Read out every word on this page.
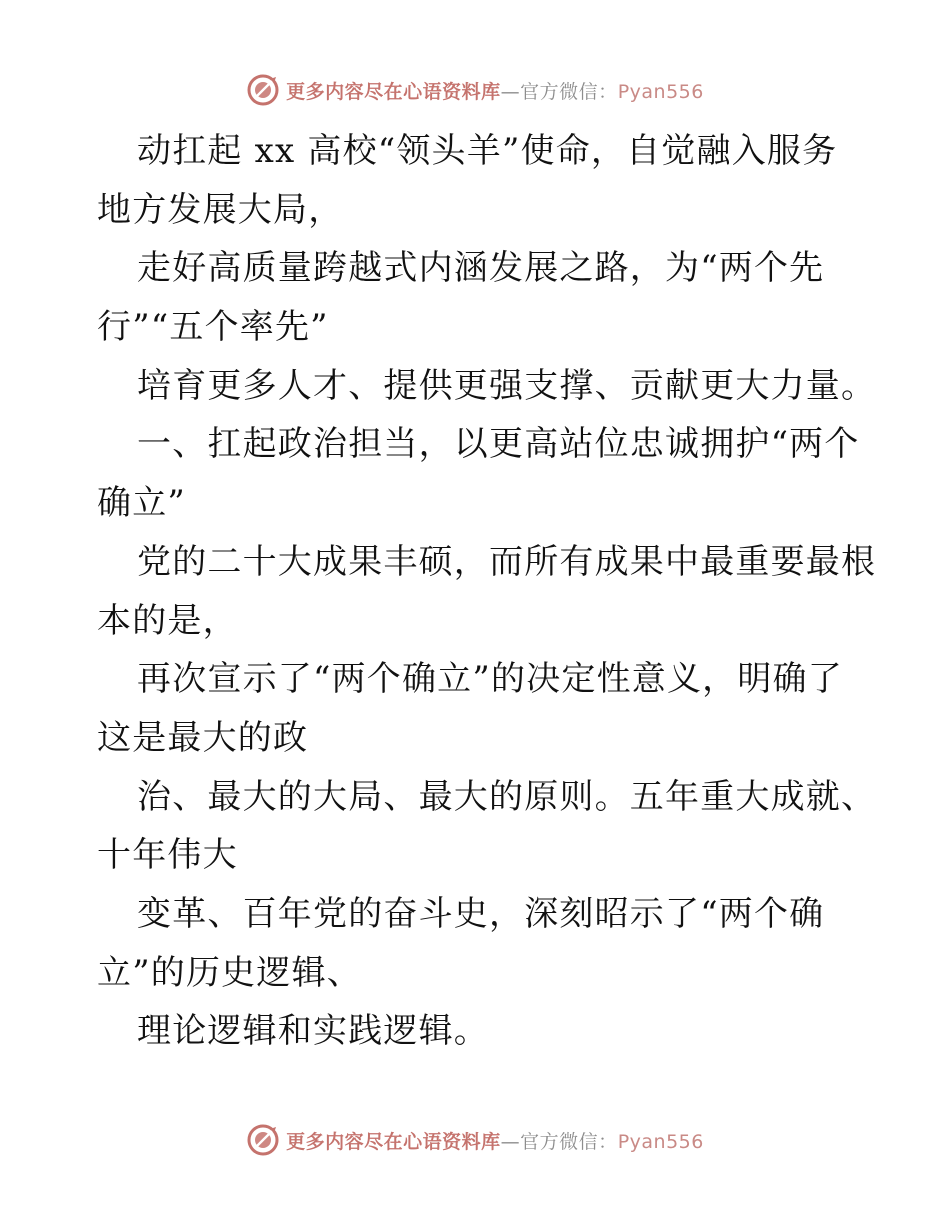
更多内容尽在心语资料库—官方微信：Pyan556
动扛起 xx 高校“领头羊”使命，自觉融入服务
地方发展大局，
走好高质量跨越式内涵发展之路，为“两个先
行”“五个率先”
培育更多人才、提供更强支撑、贡献更大力量。
一、扛起政治担当，以更高站位忠诚拥护“两个
确立”
党的二十大成果丰硕，而所有成果中最重要最根
本的是，
再次宣示了“两个确立”的决定性意义，明确了
这是最大的政
治、最大的大局、最大的原则。五年重大成就、
十年伟大
变革、百年党的奋斗史，深刻昭示了“两个确
立”的历史逻辑、
理论逻辑和实践逻辑。
更多内容尽在心语资料库—官方微信：Pyan556
